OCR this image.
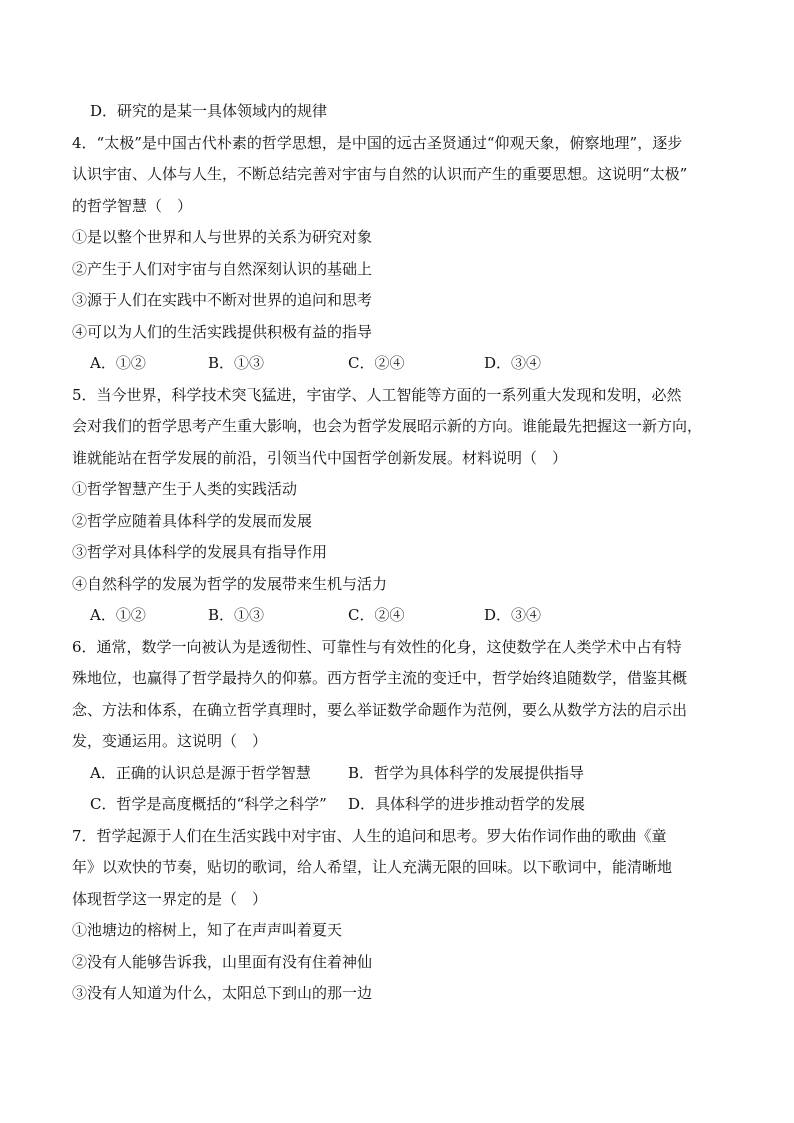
D．研究的是某一具体领域内的规律
4．“太极”是中国古代朴素的哲学思想，是中国的远古圣贤通过“仰观天象，俯察地理”，逐步
认识宇宙、人体与人生，不断总结完善对宇宙与自然的认识而产生的重要思想。这说明“太极”
的哲学智慧（　）
①是以整个世界和人与世界的关系为研究对象
②产生于人们对宇宙与自然深刻认识的基础上
③源于人们在实践中不断对世界的追问和思考
④可以为人们的生活实践提供积极有益的指导
A．①②	B．①③	C．②④	D．③④
5．当今世界，科学技术突飞猛进，宇宙学、人工智能等方面的一系列重大发现和发明，必然
会对我们的哲学思考产生重大影响，也会为哲学发展昭示新的方向。谁能最先把握这一新方向，
谁就能站在哲学发展的前沿，引领当代中国哲学创新发展。材料说明（　）
①哲学智慧产生于人类的实践活动
②哲学应随着具体科学的发展而发展
③哲学对具体科学的发展具有指导作用
④自然科学的发展为哲学的发展带来生机与活力
A．①②	B．①③	C．②④	D．③④
6．通常，数学一向被认为是透彻性、可靠性与有效性的化身，这使数学在人类学术中占有特
殊地位，也赢得了哲学最持久的仰慕。西方哲学主流的变迁中，哲学始终追随数学，借鉴其概
念、方法和体系，在确立哲学真理时，要么举证数学命题作为范例，要么从数学方法的启示出
发，变通运用。这说明（　）
A．正确的认识总是源于哲学智慧 B．哲学为具体科学的发展提供指导
C．哲学是高度概括的“科学之科学” D．具体科学的进步推动哲学的发展
7．哲学起源于人们在生活实践中对宇宙、人生的追问和思考。罗大佑作词作曲的歌曲《童
年》以欢快的节奏，贴切的歌词，给人希望，让人充满无限的回味。以下歌词中，能清晰地
体现哲学这一界定的是（　）
①池塘边的榕树上，知了在声声叫着夏天
②没有人能够告诉我，山里面有没有住着神仙
③没有人知道为什么，太阳总下到山的那一边
